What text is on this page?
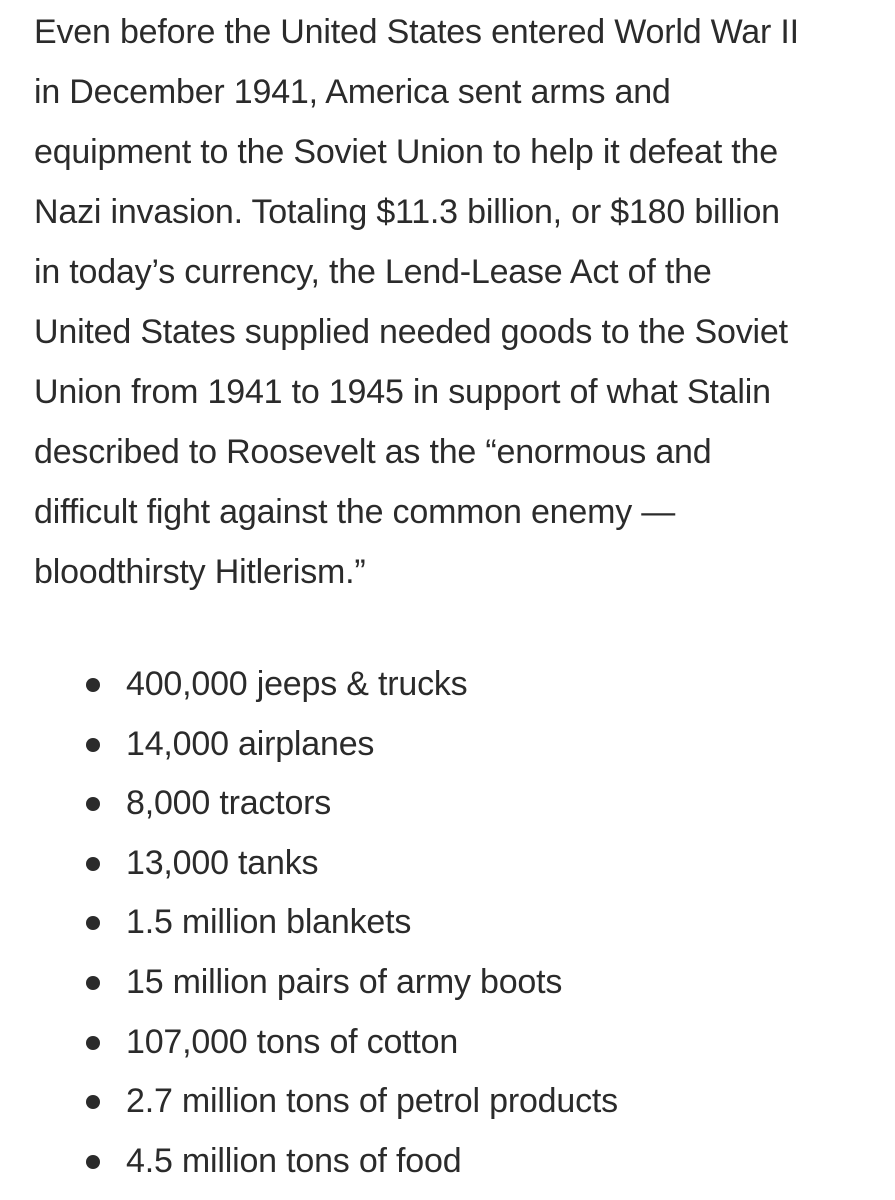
Even before the United States entered World War II
in December 1941, America sent arms and
equipment to the Soviet Union to help it defeat the
Nazi invasion. Totaling $11.3 billion, or $180 billion
in today’s currency, the Lend-Lease Act of the
United States supplied needed goods to the Soviet
Union from 1941 to 1945 in support of what Stalin
described to Roosevelt as the “enormous and
difficult fight against the common enemy —
bloodthirsty Hitlerism.”

400,000 jeeps & trucks
14,000 airplanes
8,000 tractors
13,000 tanks
1.5 million blankets
15 million pairs of army boots
107,000 tons of cotton
2.7 million tons of petrol products
4.5 million tons of food
